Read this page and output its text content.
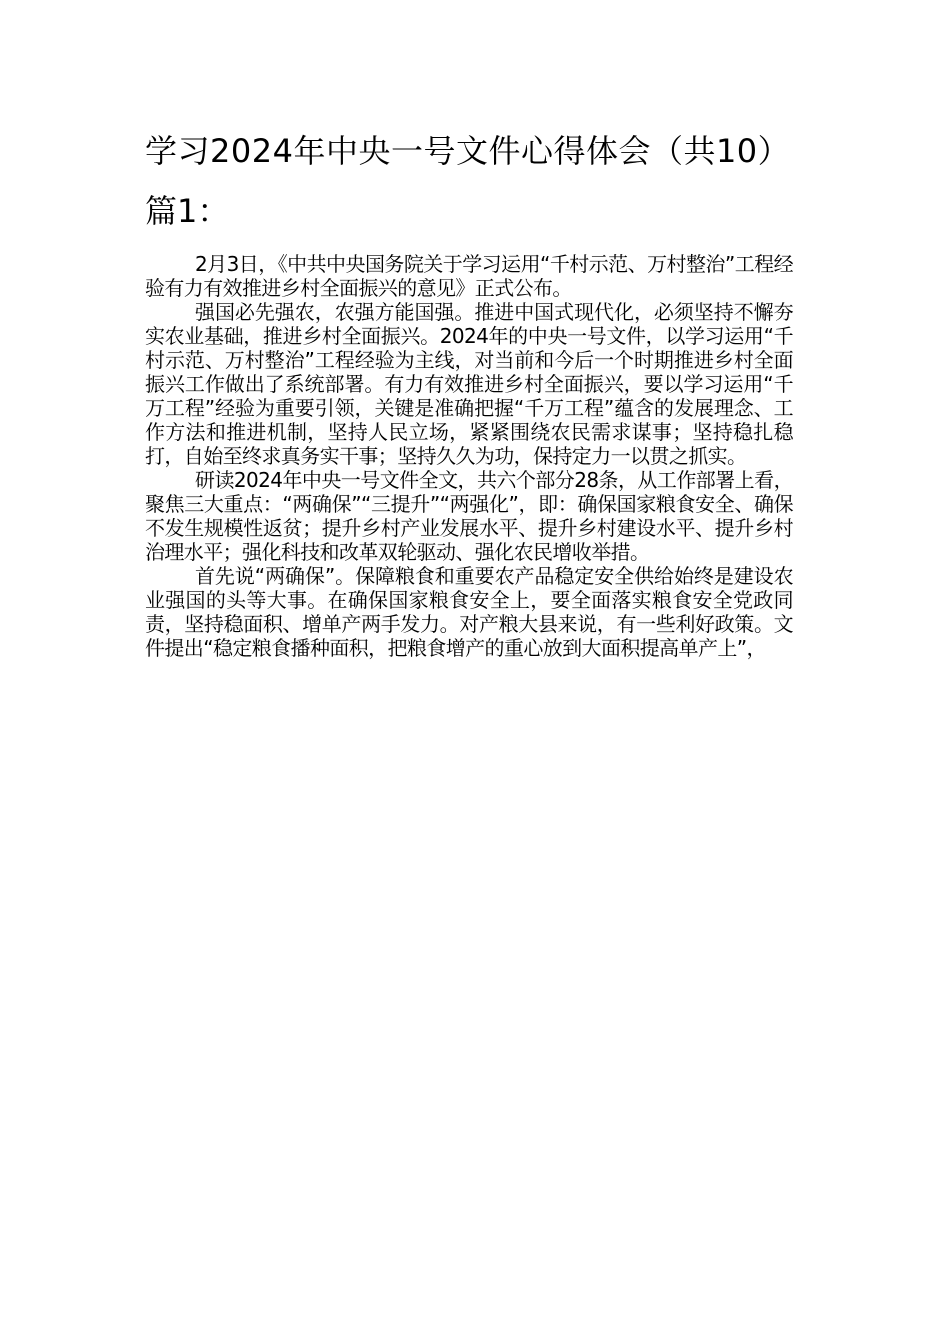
学习2024年中央一号文件心得体会（共10）
篇1：

2月3日，《中共中央国务院关于学习运用“千村示范、万村整治”工程经验有力有效推进乡村全面振兴的意见》正式公布。

强国必先强农，农强方能国强。推进中国式现代化，必须坚持不懈夯实农业基础，推进乡村全面振兴。2024年的中央一号文件，以学习运用“千村示范、万村整治”工程经验为主线，对当前和今后一个时期推进乡村全面振兴工作做出了系统部署。有力有效推进乡村全面振兴，要以学习运用“千万工程”经验为重要引领，关键是准确把握“千万工程”蕴含的发展理念、工作方法和推进机制，坚持人民立场，紧紧围绕农民需求谋事；坚持稳扎稳打，自始至终求真务实干事；坚持久久为功，保持定力一以贯之抓实。

研读2024年中央一号文件全文，共六个部分28条，从工作部署上看，聚焦三大重点：“两确保”“三提升”“两强化”，即：确保国家粮食安全、确保不发生规模性返贫；提升乡村产业发展水平、提升乡村建设水平、提升乡村治理水平；强化科技和改革双轮驱动、强化农民增收举措。

首先说“两确保”。保障粮食和重要农产品稳定安全供给始终是建设农业强国的头等大事。在确保国家粮食安全上，要全面落实粮食安全党政同责，坚持稳面积、增单产两手发力。对产粮大县来说，有一些利好政策。文件提出“稳定粮食播种面积，把粮食增产的重心放到大面积提高单产上”，
